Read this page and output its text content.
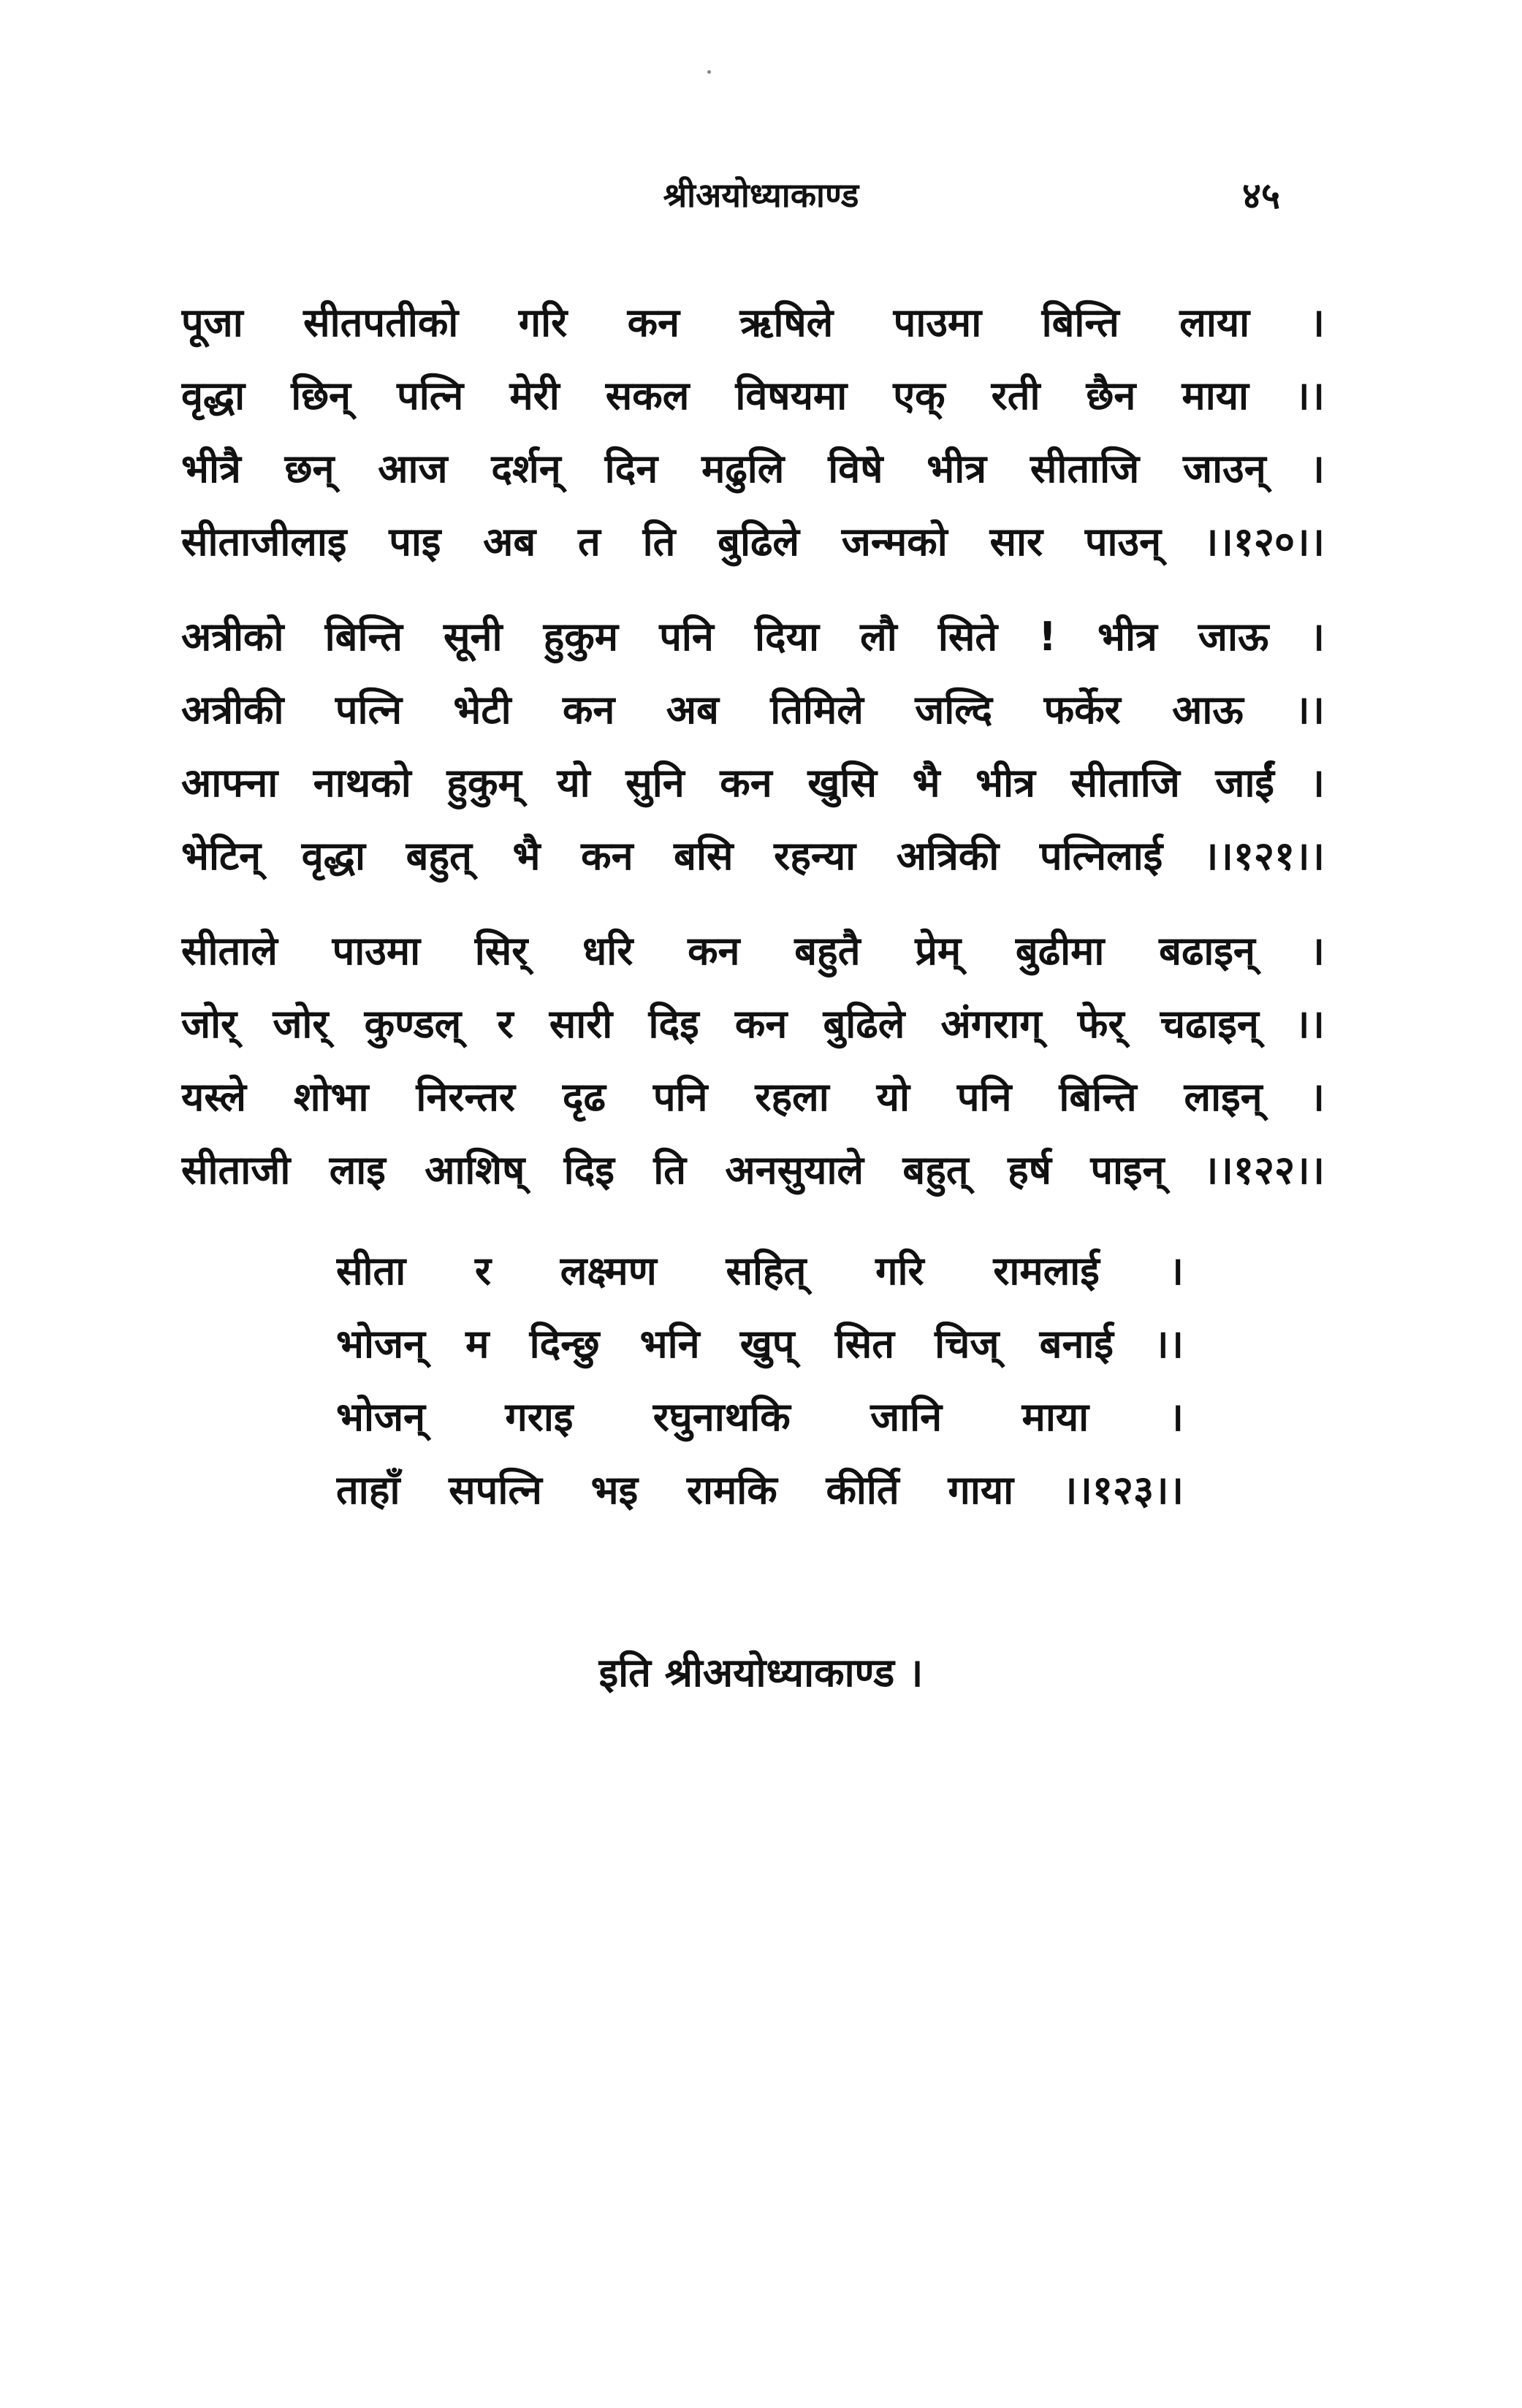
श्रीअयोध्याकाण्ड	४५
पूजा सीतपतीको गरि कन ऋषिले पाउमा बिन्ति लाया ।
वृद्धा छिन् पत्नि मेरी सकल विषयमा एक् रती छैन माया ।।
भीत्रै छन् आज दर्शन् दिन मढुलि विषे भीत्र सीताजि जाउन् ।
सीताजीलाइ पाइ अब त ति बुढिले जन्मको सार पाउन् ।।१२०।।
अत्रीको बिन्ति सूनी हुकुम पनि दिया लौ सिते ! भीत्र जाऊ ।
अत्रीकी पत्नि भेटी कन अब तिमिले जल्दि फर्केर आऊ ।।
आफ्ना नाथको हुकुम् यो सुनि कन खुसि भै भीत्र सीताजि जाईं ।
भेटिन् वृद्धा बहुत् भै कन बसि रहन्या अत्रिकी पत्निलाई ।।१२१।।
सीताले पाउमा सिर् धरि कन बहुतै प्रेम् बुढीमा बढाइन् ।
जोर् जोर् कुण्डल् र सारी दिइ कन बुढिले अंगराग् फेर् चढाइन् ।।
यस्ले शोभा निरन्तर दृढ पनि रहला यो पनि बिन्ति लाइन् ।
सीताजी लाइ आशिष् दिइ ति अनसुयाले बहुत् हर्ष पाइन् ।।१२२।।
सीता र लक्ष्मण सहित् गरि रामलाई ।
भोजन् म दिन्छु भनि खुप् सित चिज् बनाई ।।
भोजन् गराइ रघुनाथकि जानि माया ।
ताहाँ सपत्नि भइ रामकि कीर्ति गाया ।।१२३।।
इति श्रीअयोध्याकाण्ड ।
